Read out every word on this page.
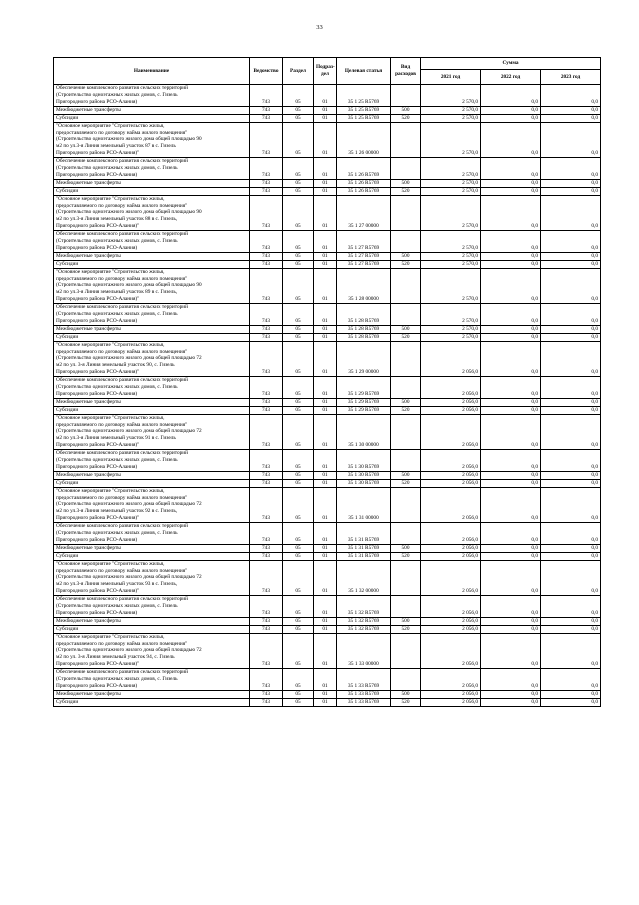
33
Наименование	Ведомство	Раздел	Подраз-
дел	Целевая статья	Вид
расходов	Сумма		
						2021 год	2022 год	2023 год
Обеспечение комплексного развития сельских территорий
(Строительство одноэтажных жилых домов, с. Гизель
Пригородного района РСО-Алания)	743	05	01	35 1 25 R5769		2 570,0	0,0	0,0
Межбюджетные трансферты	743	05	01	35 1 25 R5769	500	2 570,0	0,0	0,0
Субсидии	743	05	01	35 1 25 R5769	520	2 570,0	0,0	0,0
"Основное мероприятие "Строительство жилья,
предоставляемого по договору найма жилого помещения"
(Строительство одноэтажного жилого дома общей площадью 90
м2 по ул.3-я Линия земельный участок 87 в с. Гизель
Пригородного района РСО-Алания)"	743	05	01	35 1 26 00000		2 570,0	0,0	0,0
Обеспечение комплексного развития сельских территорий
(Строительство одноэтажных жилых домов, с. Гизель
Пригородного района РСО-Алания)	743	05	01	35 1 26 R5769		2 570,0	0,0	0,0
Межбюджетные трансферты	743	05	01	35 1 26 R5769	500	2 570,0	0,0	0,0
Субсидии	743	05	01	35 1 26 R5769	520	2 570,0	0,0	0,0
"Основное мероприятие "Строительство жилья,
предоставляемого по договору найма жилого помещения"
(Строительство одноэтажного жилого дома общей площадью 90
м2 по ул.3-я Линия земельный участок 88 в с. Гизель,
Пригородного района РСО-Алания)"	743	05	01	35 1 27 00000		2 570,0	0,0	0,0
Обеспечение комплексного развития сельских территорий
(Строительство одноэтажных жилых домов, с. Гизель
Пригородного района РСО-Алания)	743	05	01	35 1 27 R5769		2 570,0	0,0	0,0
Межбюджетные трансферты	743	05	01	35 1 27 R5769	500	2 570,0	0,0	0,0
Субсидии	743	05	01	35 1 27 R5769	520	2 570,0	0,0	0,0
"Основное мероприятие "Строительство жилья,
предоставляемого по договору найма жилого помещения"
(Строительство одноэтажного жилого дома общей площадью 90
м2 по ул.3-я Линия земельный участок 89 в с. Гизель,
Пригородного района РСО-Алания)"	743	05	01	35 1 28 00000		2 570,0	0,0	0,0
Обеспечение комплексного развития сельских территорий
(Строительство одноэтажных жилых домов, с. Гизель
Пригородного района РСО-Алания)	743	05	01	35 1 28 R5769		2 570,0	0,0	0,0
Межбюджетные трансферты	743	05	01	35 1 28 R5769	500	2 570,0	0,0	0,0
Субсидии	743	05	01	35 1 28 R5769	520	2 570,0	0,0	0,0
"Основное мероприятие "Строительство жилья,
предоставляемого по договору найма жилого помещения"
(Строительство одноэтажного жилого дома общей площадью 72
м2 по ул. 3-я Линия земельный участок 90, с. Гизель
Пригородного района РСО-Алания)"	743	05	01	35 1 29 00000		2 056,0	0,0	0,0
Обеспечение комплексного развития сельских территорий
(Строительство одноэтажных жилых домов, с. Гизель
Пригородного района РСО-Алания)	743	05	01	35 1 29 R5769		2 056,0	0,0	0,0
Межбюджетные трансферты	743	05	01	35 1 29 R5769	500	2 056,0	0,0	0,0
Субсидии	743	05	01	35 1 29 R5769	520	2 056,0	0,0	0,0
"Основное мероприятие "Строительство жилья,
предоставляемого по договору найма жилого помещения"
(Строительство одноэтажного жилого дома общей площадью 72
м2 по ул.3-я Линия земельный участок 91 в с. Гизель
Пригородного района РСО-Алания)"	743	05	01	35 1 30 00000		2 056,0	0,0	0,0
Обеспечение комплексного развития сельских территорий
(Строительство одноэтажных жилых домов, с. Гизель
Пригородного района РСО-Алания)	743	05	01	35 1 30 R5769		2 056,0	0,0	0,0
Межбюджетные трансферты	743	05	01	35 1 30 R5769	500	2 056,0	0,0	0,0
Субсидии	743	05	01	35 1 30 R5769	520	2 056,0	0,0	0,0
"Основное мероприятие "Строительство жилья,
предоставляемого по договору найма жилого помещения"
(Строительство одноэтажного жилого дома общей площадью 72
м2 по ул.3-я Линия земельный участок 92 в с. Гизель,
Пригородного района РСО-Алания)"	743	05	01	35 1 31 00000		2 056,0	0,0	0,0
Обеспечение комплексного развития сельских территорий
(Строительство одноэтажных жилых домов, с. Гизель
Пригородного района РСО-Алания)	743	05	01	35 1 31 R5769		2 056,0	0,0	0,0
Межбюджетные трансферты	743	05	01	35 1 31 R5769	500	2 056,0	0,0	0,0
Субсидии	743	05	01	35 1 31 R5769	520	2 056,0	0,0	0,0
"Основное мероприятие "Строительство жилья,
предоставляемого по договору найма жилого помещения"
(Строительство одноэтажного жилого дома общей площадью 72
м2 по ул.3-я Линия земельный участок 93 в с. Гизель,
Пригородного района РСО-Алания)"	743	05	01	35 1 32 00000		2 056,0	0,0	0,0
Обеспечение комплексного развития сельских территорий
(Строительство одноэтажных жилых домов, с. Гизель
Пригородного района РСО-Алания)	743	05	01	35 1 32 R5769		2 056,0	0,0	0,0
Межбюджетные трансферты	743	05	01	35 1 32 R5769	500	2 056,0	0,0	0,0
Субсидии	743	05	01	35 1 32 R5769	520	2 056,0	0,0	0,0
"Основное мероприятие "Строительство жилья,
предоставляемого по договору найма жилого помещения"
(Строительство одноэтажного жилого дома общей площадью 72
м2 по ул. 3-я Линия земельный участок 94, с. Гизель
Пригородного района РСО-Алания)"	743	05	01	35 1 33 00000		2 056,0	0,0	0,0
Обеспечение комплексного развития сельских территорий
(Строительство одноэтажных жилых домов, с. Гизель
Пригородного района РСО-Алания)	743	05	01	35 1 33 R5769		2 056,0	0,0	0,0
Межбюджетные трансферты	743	05	01	35 1 33 R5769	500	2 056,0	0,0	0,0
Субсидии	743	05	01	35 1 33 R5769	520	2 056,0	0,0	0,0
